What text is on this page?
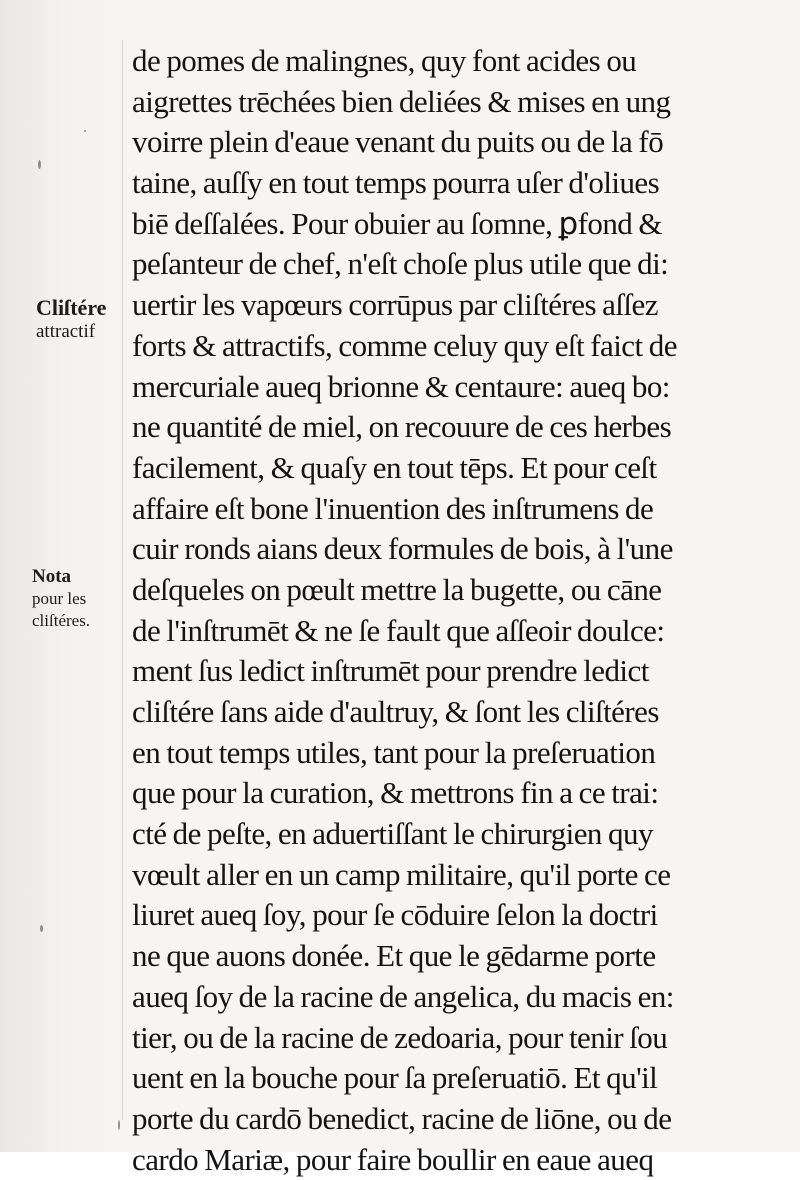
Cliſtére
attractif
Nota
pour les
cliſtéres.
de pomes de malingnes, quy font acides ou
aigrettes trēchées bien deliées & mises en ung
voirre plein d'eaue venant du puits ou de la fō
taine, auſſy en tout temps pourra uſer d'oliues
biē deſſalées. Pour obuier au ſomne, ꝑfond &
peſanteur de chef, n'eſt choſe plus utile que di:
uertir les vapœurs corrūpus par cliſtéres aſſez
forts & attractifs, comme celuy quy eſt faict de
mercuriale aueq brionne & centaure: aueq bo:
ne quantité de miel, on recouure de ces herbes
facilement, & quaſy en tout tēps. Et pour ceſt
affaire eſt bone l'inuention des inſtrumens de
cuir ronds aians deux formules de bois, à l'une
deſqueles on pœult mettre la bugette, ou cāne
de l'inſtrumēt & ne ſe fault que aſſeoir doulce:
ment ſus ledict inſtrumēt pour prendre ledict
cliſtére ſans aide d'aultruy, & ſont les cliſtéres
en tout temps utiles, tant pour la preſeruation
que pour la curation, & mettrons fin a ce trai:
cté de peſte, en aduertiſſant le chirurgien quy
vœult aller en un camp militaire, qu'il porte ce
liuret aueq ſoy, pour ſe cōduire ſelon la doctri
ne que auons donée. Et que le gēdarme porte
aueq ſoy de la racine de angelica, du macis en:
tier, ou de la racine de zedoaria, pour tenir ſou
uent en la bouche pour ſa preſeruatiō. Et qu'il
porte du cardō benedict, racine de liōne, ou de
cardo Mariæ, pour faire boullir en eaue aueq
